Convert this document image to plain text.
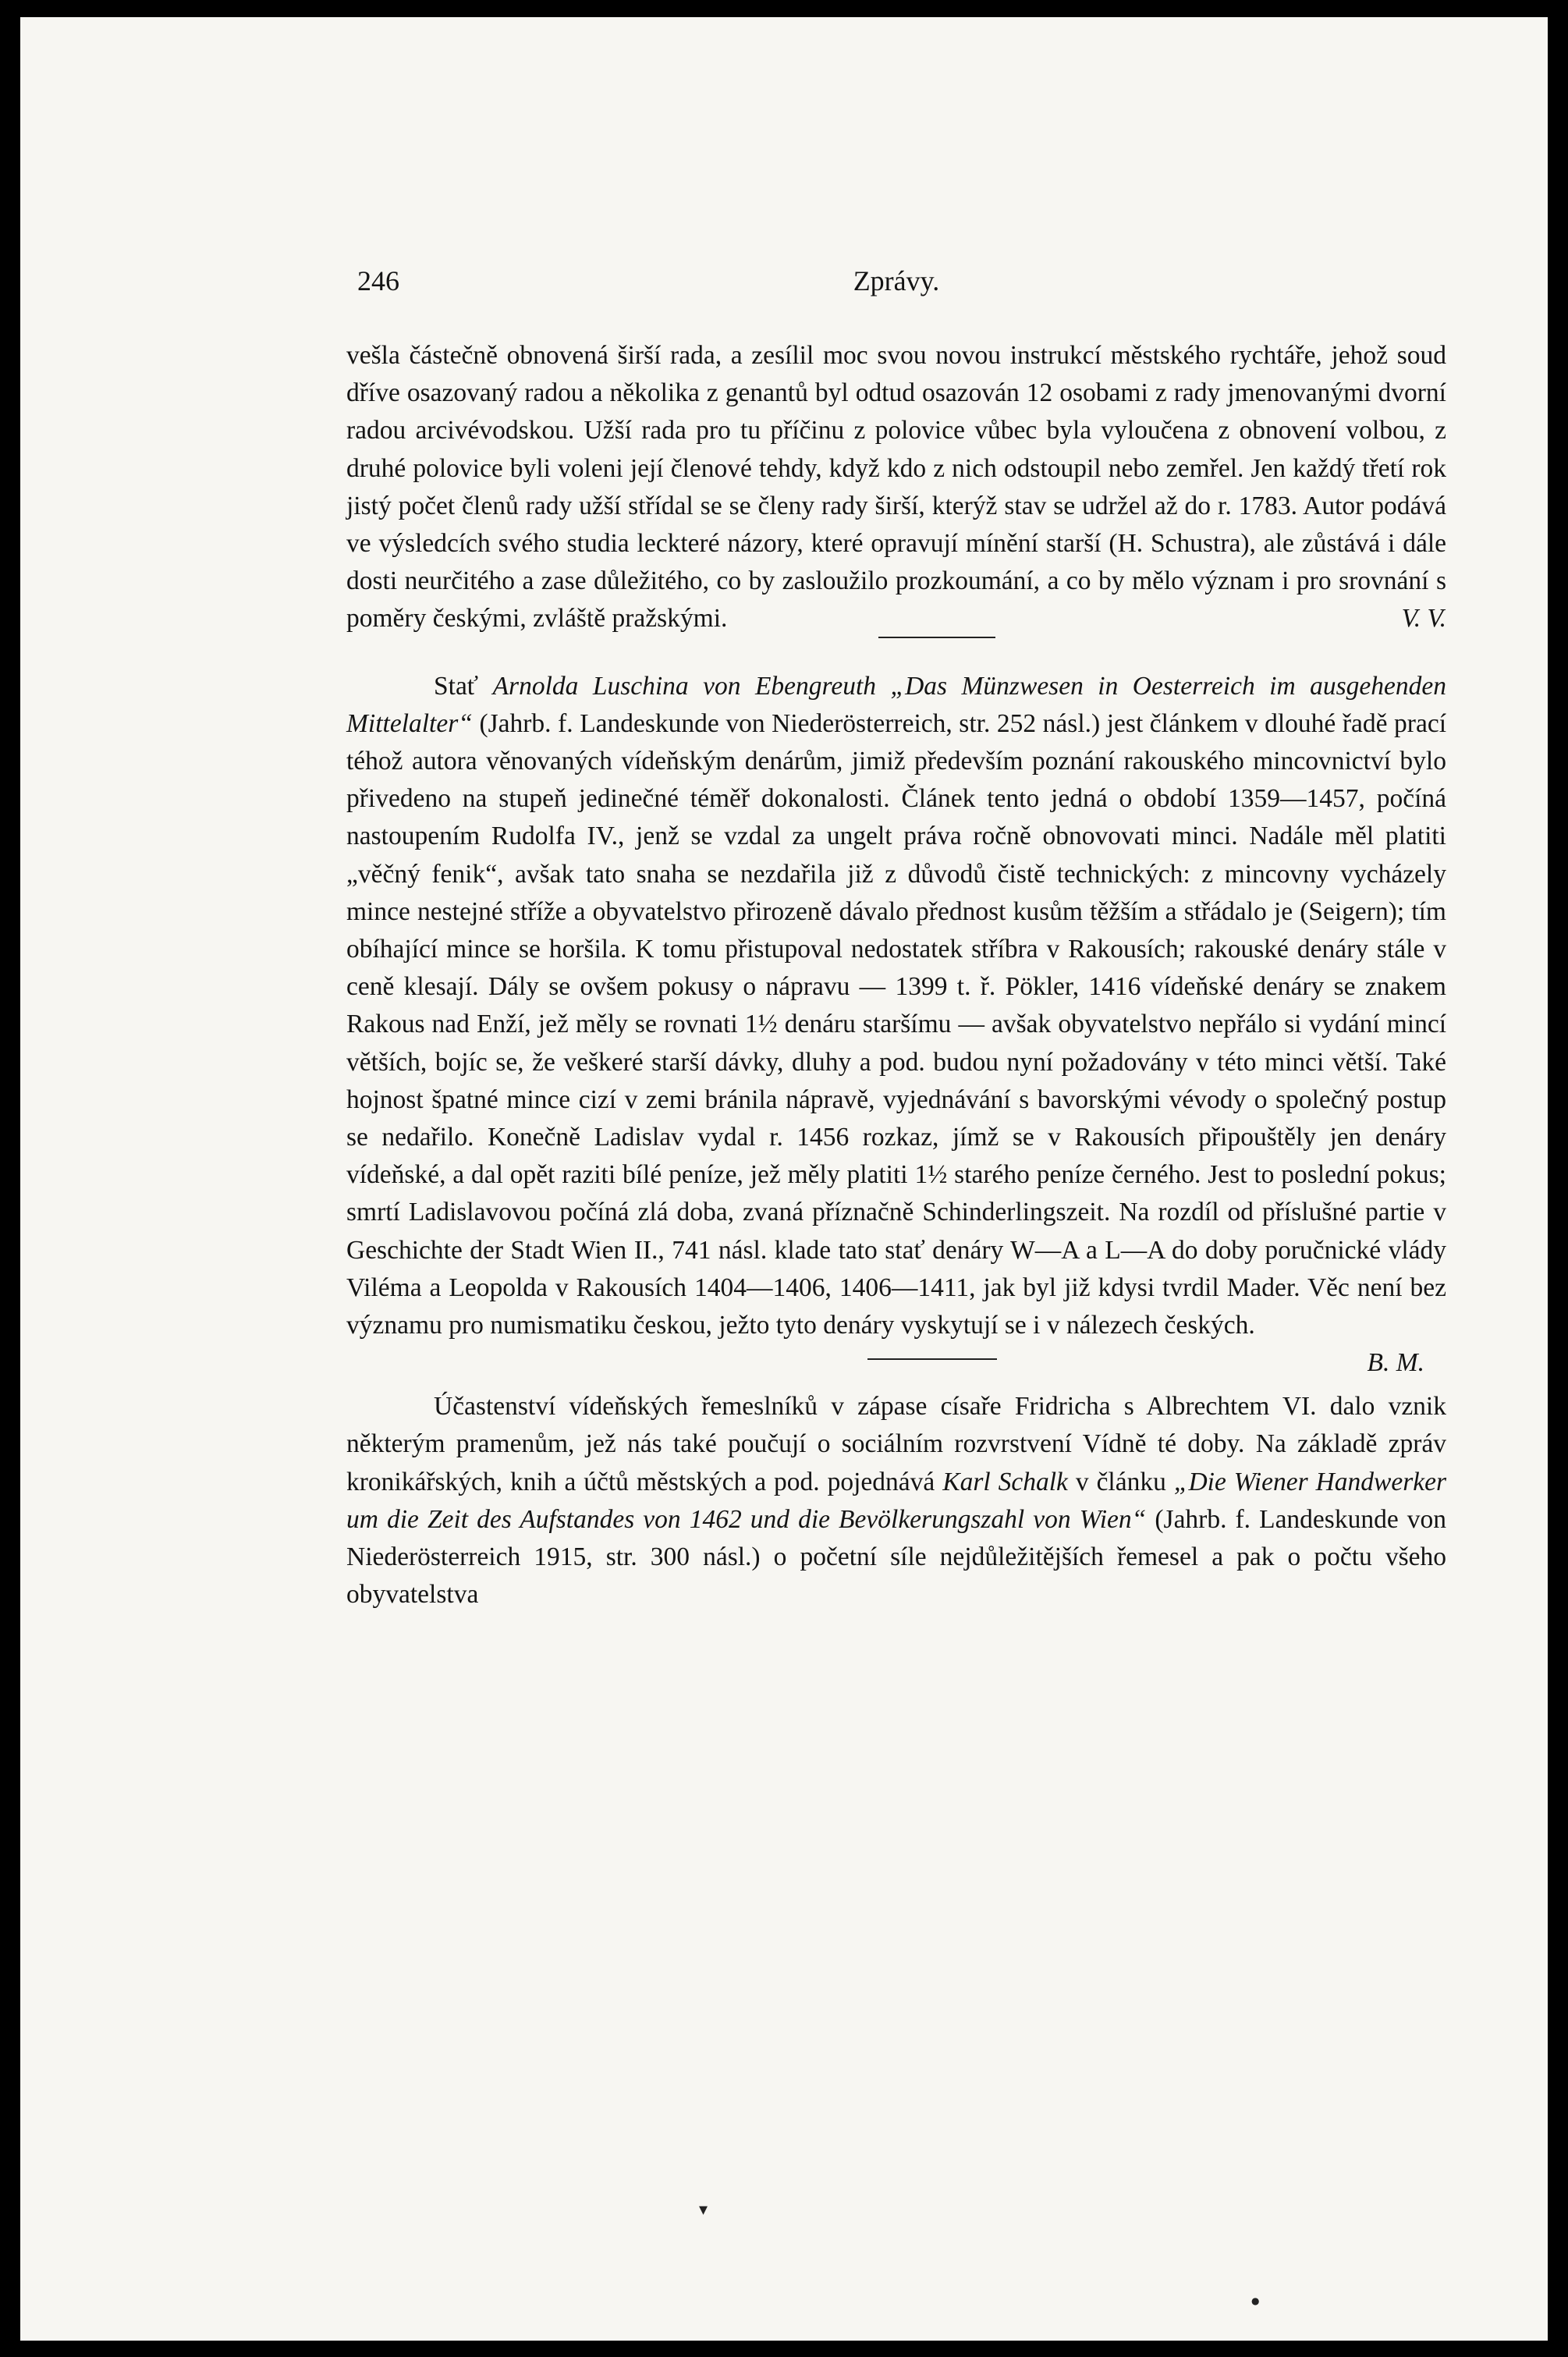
246	Zprávy.

vešla částečně obnovená širší rada, a zesílil moc svou novou instrukcí městského rychtáře, jehož soud dříve osazovaný radou a několika z genantů byl odtud osazován 12 osobami z rady jmenovanými dvorní radou arcivévodskou. Užší rada pro tu příčinu z polovice vůbec byla vyloučena z obnovení volbou, z druhé polovice byli voleni její členové tehdy, když kdo z nich odstoupil nebo zemřel. Jen každý třetí rok jistý počet členů rady užší střídal se se členy rady širší, kterýž stav se udržel až do r. 1783. Autor podává ve výsledcích svého studia leckteré názory, které opravují mínění starší (H. Schustra), ale zůstává i dále dosti neurčitého a zase důležitého, co by zasloužilo prozkoumání, a co by mělo význam i pro srovnání s poměry českými, zvláště pražskými.	V. V.

Stať Arnolda Luschina von Ebengreuth „Das Münzwesen in Oesterreich im ausgehenden Mittelalter“ (Jahrb. f. Landeskunde von Niederösterreich, str. 252 násl.) jest článkem v dlouhé řadě prací téhož autora věnovaných vídeňským denárům, jimiž především poznání rakouského mincovnictví bylo přivedeno na stupeň jedinečné téměř dokonalosti. Článek tento jedná o období 1359—1457, počíná nastoupením Rudolfa IV., jenž se vzdal za ungelt práva ročně obnovovati minci. Nadále měl platiti „věčný fenik“, avšak tato snaha se nezdařila již z důvodů čistě technických: z mincovny vycházely mince nestejné stříže a obyvatelstvo přirozeně dávalo přednost kusům těžším a střádalo je (Seigern); tím obíhající mince se horšila. K tomu přistupoval nedostatek stříbra v Rakousích; rakouské denáry stále v ceně klesají. Dály se ovšem pokusy o nápravu — 1399 t. ř. Pökler, 1416 vídeňské denáry se znakem Rakous nad Enží, jež měly se rovnati 1½ denáru staršímu — avšak obyvatelstvo nepřálo si vydání mincí větších, bojíc se, že veškeré starší dávky, dluhy a pod. budou nyní požadovány v této minci větší. Také hojnost špatné mince cizí v zemi bránila nápravě, vyjednávání s bavorskými vévody o společný postup se nedařilo. Konečně Ladislav vydal r. 1456 rozkaz, jímž se v Rakousích připouštěly jen denáry vídeňské, a dal opět raziti bílé peníze, jež měly platiti 1½ starého peníze černého. Jest to poslední pokus; smrtí Ladislavovou počíná zlá doba, zvaná příznačně Schinderlingszeit. Na rozdíl od příslušné partie v Geschichte der Stadt Wien II., 741 násl. klade tato stať denáry W—A a L—A do doby poručnické vlády Viléma a Leopolda v Rakousích 1404—1406, 1406—1411, jak byl již kdysi tvrdil Mader. Věc není bez významu pro numismatiku českou, ježto tyto denáry vyskytují se i v nálezech českých.
B. M.

Účastenství vídeňských řemeslníků v zápase císaře Fridricha s Albrechtem VI. dalo vznik některým pramenům, jež nás také poučují o sociálním rozvrstvení Vídně té doby. Na základě zpráv kronikářských, knih a účtů městských a pod. pojednává Karl Schalk v článku „Die Wiener Handwerker um die Zeit des Aufstandes von 1462 und die Bevölkerungszahl von Wien“ (Jahrb. f. Landeskunde von Niederösterreich 1915, str. 300 násl.) o početní síle nejdůležitějších řemesel a pak o počtu všeho obyvatelstva

▾
●
